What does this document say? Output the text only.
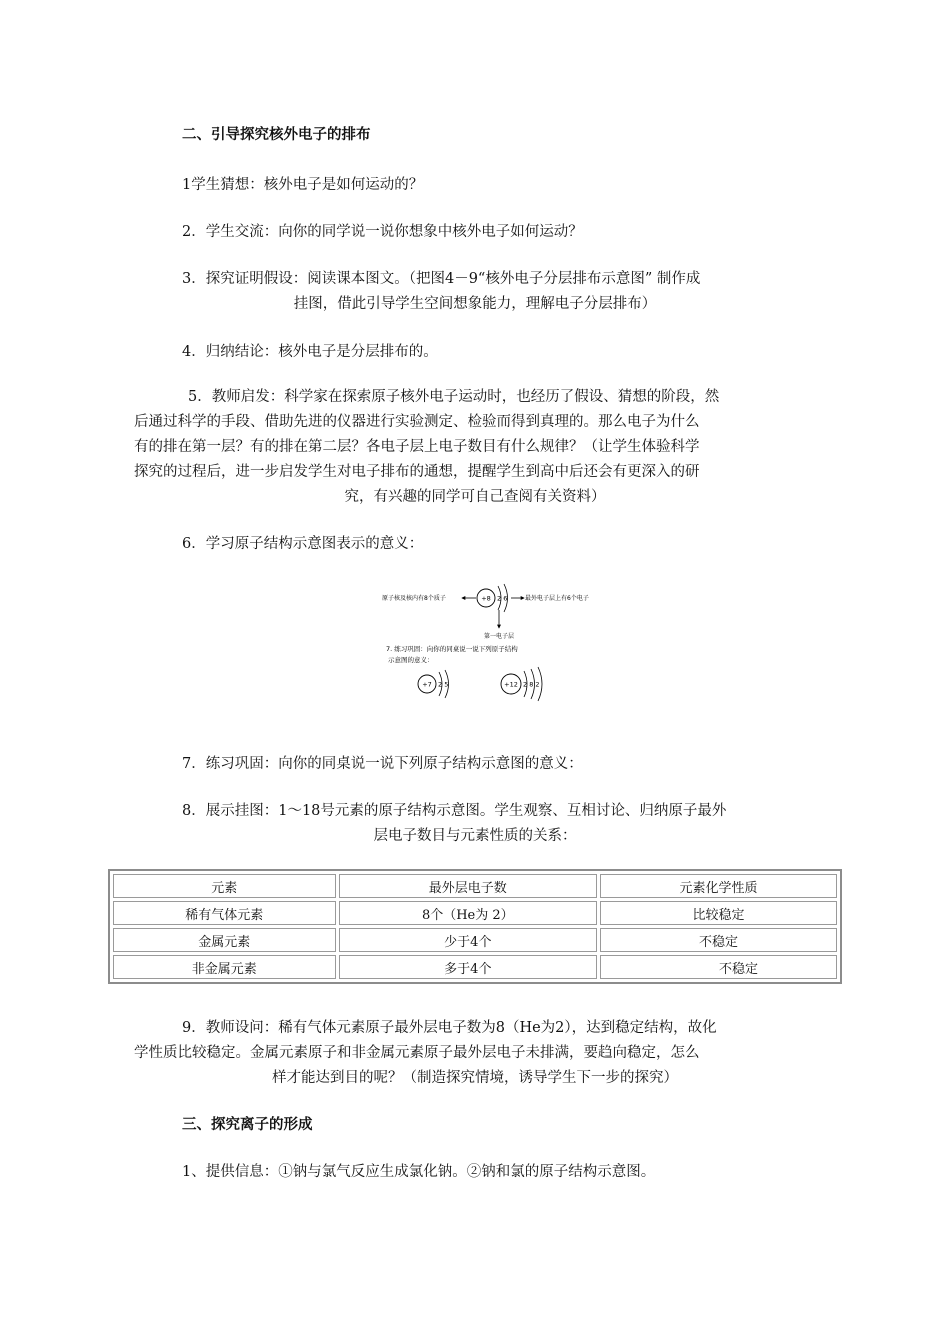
二、引导探究核外电子的排布
1学生猜想：核外电子是如何运动的？
2．学生交流：向你的同学说一说你想象中核外电子如何运动？
3．探究证明假设：阅读课本图文。（把图4－9“核外电子分层排布示意图” 制作成
挂图，借此引导学生空间想象能力，理解电子分层排布）
4．归纳结论：核外电子是分层排布的。
5．教师启发：科学家在探索原子核外电子运动时，也经历了假设、猜想的阶段，然
后通过科学的手段、借助先进的仪器进行实验测定、检验而得到真理的。那么电子为什么
有的排在第一层？有的排在第二层？各电子层上电子数目有什么规律？（让学生体验科学
探究的过程后，进一步启发学生对电子排布的通想，提醒学生到高中后还会有更深入的研
究，有兴趣的同学可自己查阅有关资料）
6．学习原子结构示意图表示的意义：
原子核及核内有8个质子	+8 2 6	最外电子层上有6个电子
第一电子层
7. 练习巩固：向你的同桌说一说下列原子结构
示意图的意义：
+7 2 5	+12 2 8 2
7．练习巩固：向你的同桌说一说下列原子结构示意图的意义：
8．展示挂图：1～18号元素的原子结构示意图。学生观察、互相讨论、归纳原子最外
层电子数目与元素性质的关系：
元素	最外层电子数	元素化学性质
稀有气体元素	8个（He为 2）	比较稳定
金属元素	少于4个	不稳定
非金属元素	多于4个	不稳定
9．教师设问：稀有气体元素原子最外层电子数为8（He为2），达到稳定结构，故化
学性质比较稳定。金属元素原子和非金属元素原子最外层电子未排满，要趋向稳定，怎么
样才能达到目的呢？（制造探究情境，诱导学生下一步的探究）
三、探究离子的形成
1、提供信息：①钠与氯气反应生成氯化钠。②钠和氯的原子结构示意图。
